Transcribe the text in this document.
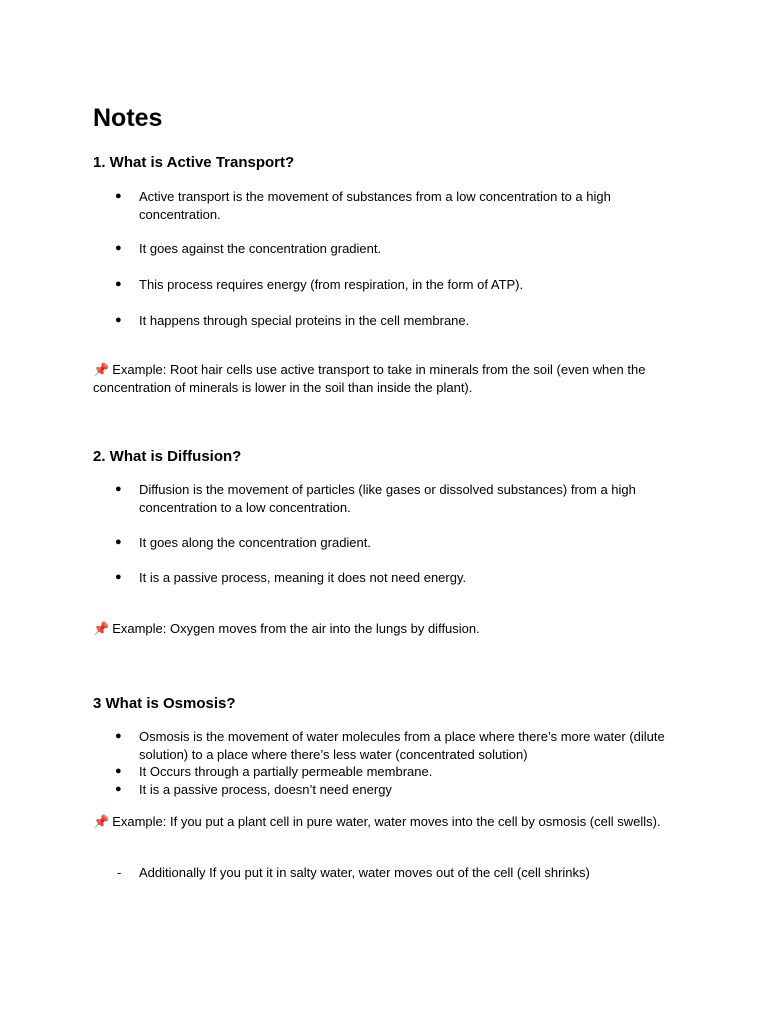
Notes
1. What is Active Transport?

● Active transport is the movement of substances from a low concentration to a high concentration.

● It goes against the concentration gradient.

● This process requires energy (from respiration, in the form of ATP).

● It happens through special proteins in the cell membrane.

📌 Example: Root hair cells use active transport to take in minerals from the soil (even when the concentration of minerals is lower in the soil than inside the plant).

2. What is Diffusion?

● Diffusion is the movement of particles (like gases or dissolved substances) from a high concentration to a low concentration.

● It goes along the concentration gradient.

● It is a passive process, meaning it does not need energy.

📌 Example: Oxygen moves from the air into the lungs by diffusion.

3 What is Osmosis?

● Osmosis is the movement of water molecules from a place where there’s more water (dilute solution) to a place where there’s less water (concentrated solution)

● It Occurs through a partially permeable membrane.

● It is a passive process, doesn’t need energy

📌 Example: If you put a plant cell in pure water, water moves into the cell by osmosis (cell swells).

- Additionally If you put it in salty water, water moves out of the cell (cell shrinks)
